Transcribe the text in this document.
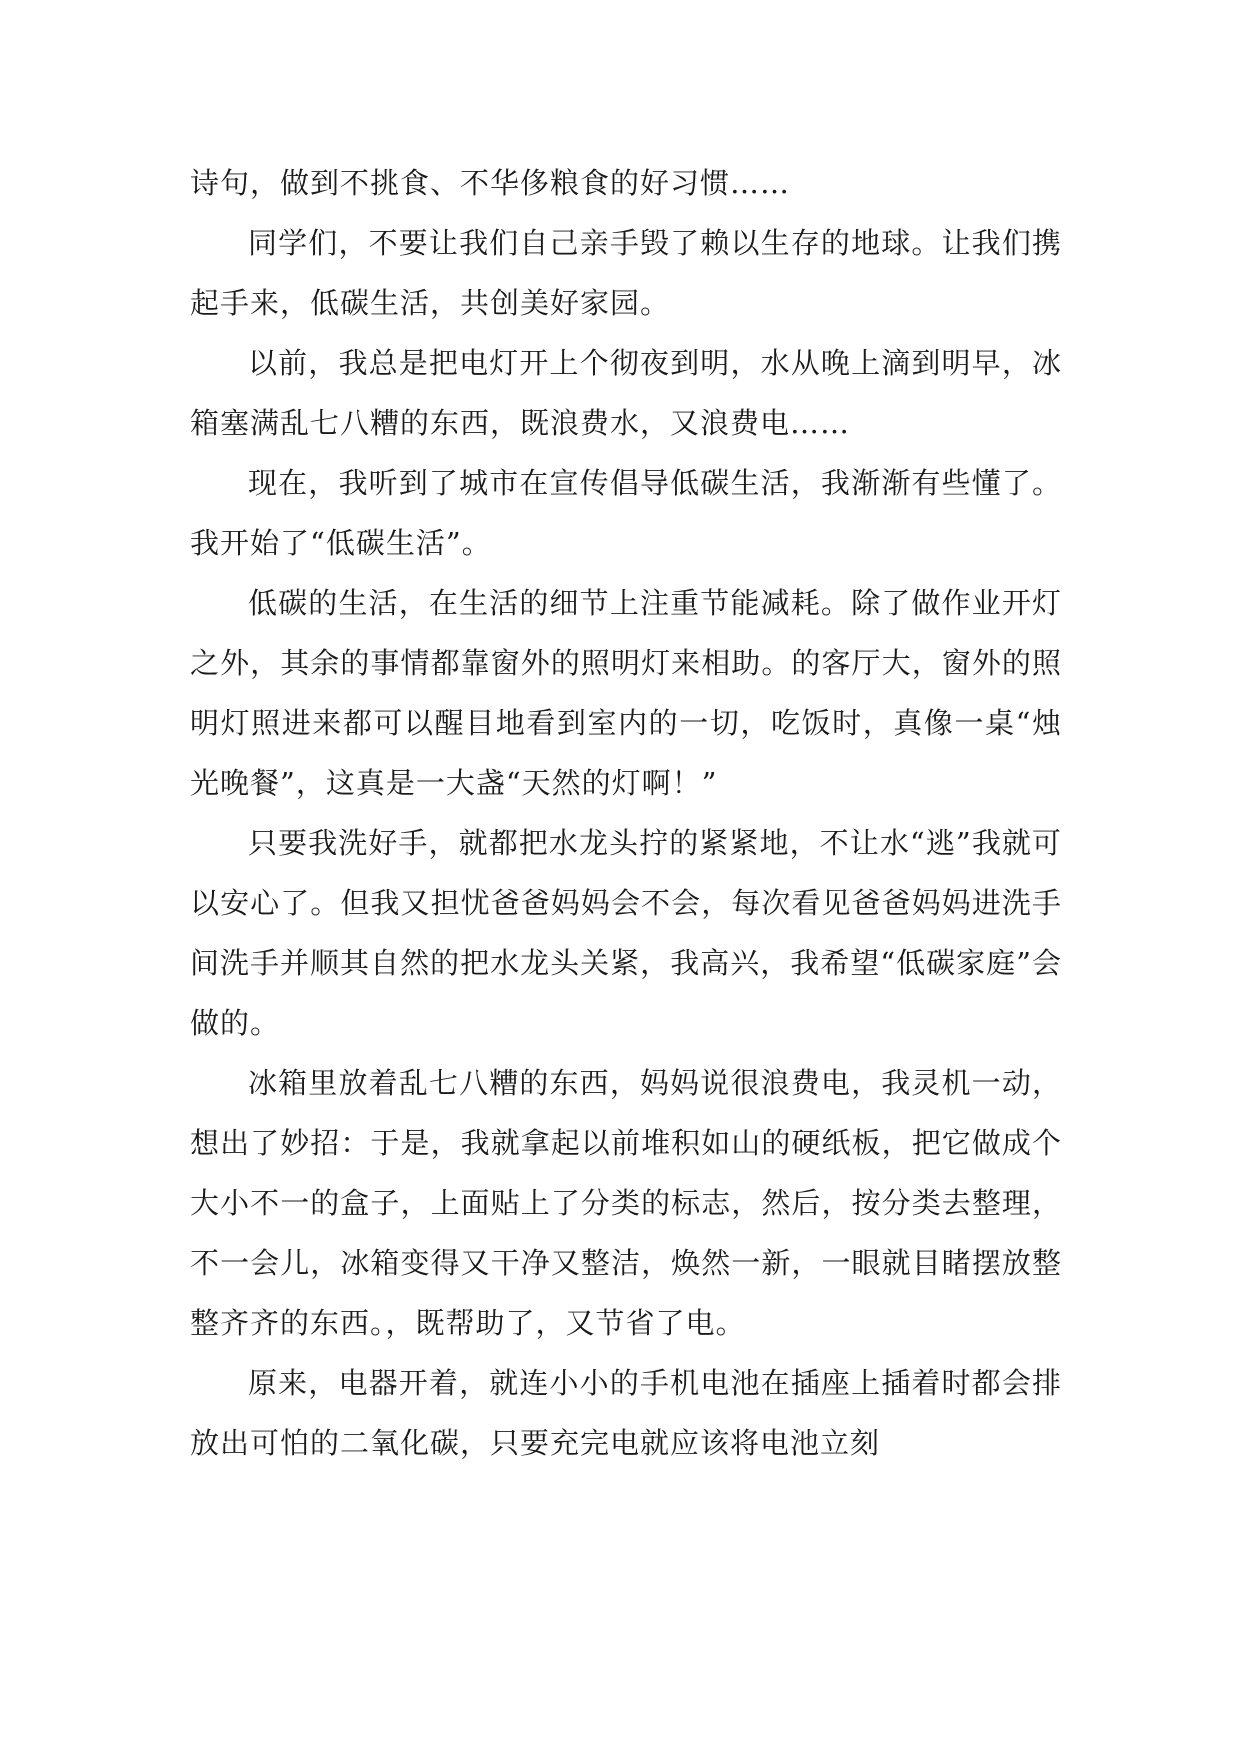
诗句，做到不挑食、不华侈粮食的好习惯……

同学们，不要让我们自己亲手毁了赖以生存的地球。让我们携起手来，低碳生活，共创美好家园。

以前，我总是把电灯开上个彻夜到明，水从晚上滴到明早，冰箱塞满乱七八糟的东西，既浪费水，又浪费电……

现在，我听到了城市在宣传倡导低碳生活，我渐渐有些懂了。我开始了“低碳生活”。

低碳的生活，在生活的细节上注重节能减耗。除了做作业开灯之外，其余的事情都靠窗外的照明灯来相助。的客厅大，窗外的照明灯照进来都可以醒目地看到室内的一切，吃饭时，真像一桌“烛光晚餐”，这真是一大盏“天然的灯啊！”

只要我洗好手，就都把水龙头拧的紧紧地，不让水“逃”我就可以安心了。但我又担忧爸爸妈妈会不会，每次看见爸爸妈妈进洗手间洗手并顺其自然的把水龙头关紧，我高兴，我希望“低碳家庭”会做的。

冰箱里放着乱七八糟的东西，妈妈说很浪费电，我灵机一动，想出了妙招：于是，我就拿起以前堆积如山的硬纸板，把它做成个大小不一的盒子，上面贴上了分类的标志，然后，按分类去整理，不一会儿，冰箱变得又干净又整洁，焕然一新，一眼就目睹摆放整整齐齐的东西。，既帮助了，又节省了电。

原来，电器开着，就连小小的手机电池在插座上插着时都会排放出可怕的二氧化碳，只要充完电就应该将电池立刻
